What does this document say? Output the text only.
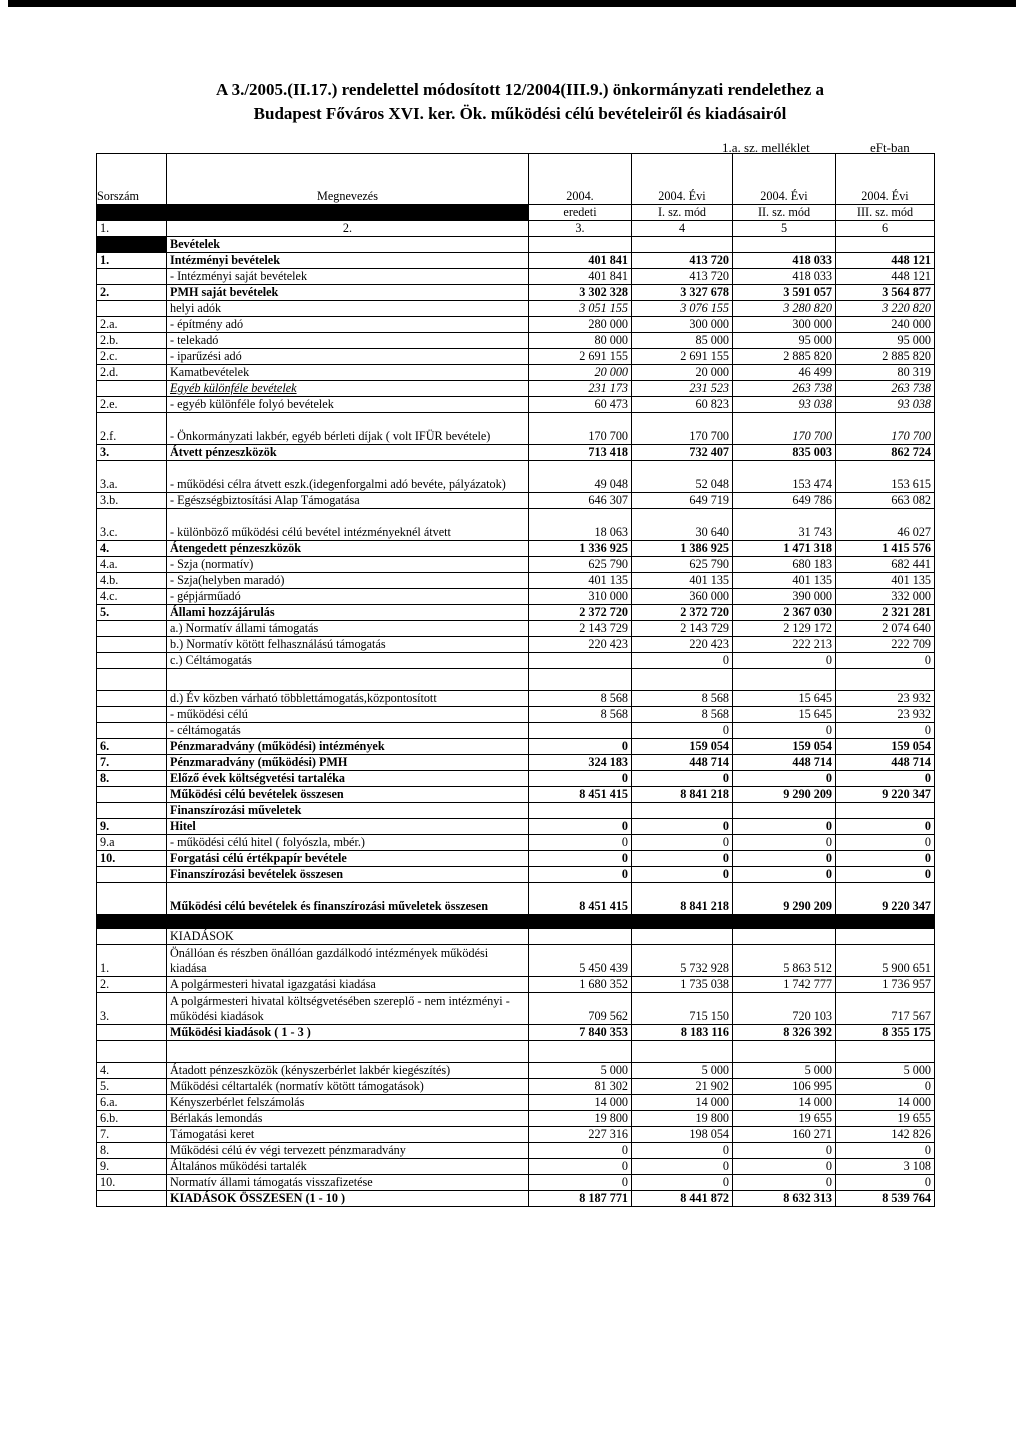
A 3./2005.(II.17.) rendelettel módosított 12/2004(III.9.) önkormányzati rendelethez a
Budapest Főváros XVI. ker. Ök. működési célú bevételeiről és kiadásairól
1.a. sz. melléklet	eFt-ban
Sorszám	Megnevezés	2004.	2004. Évi	2004. Évi	2004. Évi
		eredeti	I. sz. mód	II. sz. mód	III. sz. mód
1.	2.	3.	4	5	6
	Bevételek				
1.	Intézményi bevételek	401 841	413 720	418 033	448 121
	- Intézményi saját bevételek	401 841	413 720	418 033	448 121
2.	PMH saját bevételek	3 302 328	3 327 678	3 591 057	3 564 877
	helyi adók	3 051 155	3 076 155	3 280 820	3 220 820
2.a.	- építmény adó	280 000	300 000	300 000	240 000
2.b.	- telekadó	80 000	85 000	95 000	95 000
2.c.	- iparűzési adó	2 691 155	2 691 155	2 885 820	2 885 820
2.d.	Kamatbevételek	20 000	20 000	46 499	80 319
	Egyéb különféle bevételek	231 173	231 523	263 738	263 738
2.e.	- egyéb különféle folyó bevételek	60 473	60 823	93 038	93 038
2.f.	- Önkormányzati lakbér, egyéb bérleti díjak ( volt IFÜR bevétele)	170 700	170 700	170 700	170 700
3.	Átvett pénzeszközök	713 418	732 407	835 003	862 724
3.a.	- működési célra átvett eszk.(idegenforgalmi adó bevéte, pályázatok)	49 048	52 048	153 474	153 615
3.b.	- Egészségbiztosítási Alap Támogatása	646 307	649 719	649 786	663 082
3.c.	- különböző működési célú bevétel intézményeknél átvett	18 063	30 640	31 743	46 027
4.	Átengedett pénzeszközök	1 336 925	1 386 925	1 471 318	1 415 576
4.a.	- Szja (normatív)	625 790	625 790	680 183	682 441
4.b.	- Szja(helyben maradó)	401 135	401 135	401 135	401 135
4.c.	- gépjárműadó	310 000	360 000	390 000	332 000
5.	Állami hozzájárulás	2 372 720	2 372 720	2 367 030	2 321 281
	a.) Normatív állami támogatás	2 143 729	2 143 729	2 129 172	2 074 640
	b.) Normatív kötött felhasználású támogatás	220 423	220 423	222 213	222 709
	c.) Céltámogatás		0	0	0

	d.) Év közben várható többlettámogatás,központosított	8 568	8 568	15 645	23 932
	- működési célú	8 568	8 568	15 645	23 932
	- céltámogatás		0	0	0
6.	Pénzmaradvány (működési) intézmények	0	159 054	159 054	159 054
7.	Pénzmaradvány (működési) PMH	324 183	448 714	448 714	448 714
8.	Előző évek költségvetési tartaléka	0	0	0	0
	Működési célú bevételek összesen	8 451 415	8 841 218	9 290 209	9 220 347
	Finanszírozási műveletek				
9.	Hitel	0	0	0	0
9.a	- működési célú hitel ( folyószla, mbér.)	0	0	0	0
10.	Forgatási célú értékpapír bevétele	0	0	0	0
	Finanszírozási bevételek összesen	0	0	0	0
	Működési célú bevételek és finanszírozási műveletek összesen	8 451 415	8 841 218	9 290 209	9 220 347

	KIADÁSOK				
1.	Önállóan és részben önállóan gazdálkodó intézmények működési kiadása	5 450 439	5 732 928	5 863 512	5 900 651
2.	A polgármesteri hivatal igazgatási kiadása	1 680 352	1 735 038	1 742 777	1 736 957
3.	A polgármesteri hivatal költségvetésében szereplő - nem intézményi - működési kiadások	709 562	715 150	720 103	717 567
	Működési kiadások ( 1 - 3 )	7 840 353	8 183 116	8 326 392	8 355 175

4.	Átadott pénzeszközök (kényszerbérlet lakbér kiegészítés)	5 000	5 000	5 000	5 000
5.	Működési céltartalék (normatív kötött támogatások)	81 302	21 902	106 995	0
6.a.	Kényszerbérlet felszámolás	14 000	14 000	14 000	14 000
6.b.	Bérlakás lemondás	19 800	19 800	19 655	19 655
7.	Támogatási keret	227 316	198 054	160 271	142 826
8.	Működési célú év végi tervezett pénzmaradvány	0	0	0	0
9.	Általános működési tartalék	0	0	0	3 108
10.	Normatív állami támogatás visszafizetése	0	0	0	0
	KIADÁSOK ÖSSZESEN (1 - 10 )	8 187 771	8 441 872	8 632 313	8 539 764
